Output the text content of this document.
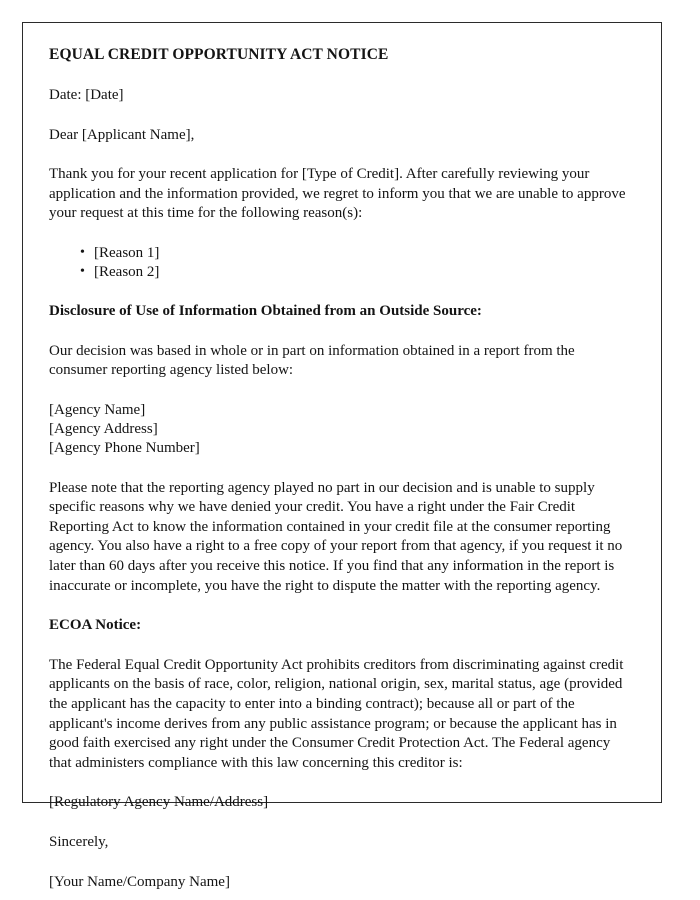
EQUAL CREDIT OPPORTUNITY ACT NOTICE

Date: [Date]

Dear [Applicant Name],

Thank you for your recent application for [Type of Credit]. After carefully reviewing your application and the information provided, we regret to inform you that we are unable to approve your request at this time for the following reason(s):

• [Reason 1]
• [Reason 2]

Disclosure of Use of Information Obtained from an Outside Source:

Our decision was based in whole or in part on information obtained in a report from the consumer reporting agency listed below:

[Agency Name]
[Agency Address]
[Agency Phone Number]

Please note that the reporting agency played no part in our decision and is unable to supply specific reasons why we have denied your credit. You have a right under the Fair Credit Reporting Act to know the information contained in your credit file at the consumer reporting agency. You also have a right to a free copy of your report from that agency, if you request it no later than 60 days after you receive this notice. If you find that any information in the report is inaccurate or incomplete, you have the right to dispute the matter with the reporting agency.

ECOA Notice:

The Federal Equal Credit Opportunity Act prohibits creditors from discriminating against credit applicants on the basis of race, color, religion, national origin, sex, marital status, age (provided the applicant has the capacity to enter into a binding contract); because all or part of the applicant's income derives from any public assistance program; or because the applicant has in good faith exercised any right under the Consumer Credit Protection Act. The Federal agency that administers compliance with this law concerning this creditor is:

[Regulatory Agency Name/Address]

Sincerely,

[Your Name/Company Name]
